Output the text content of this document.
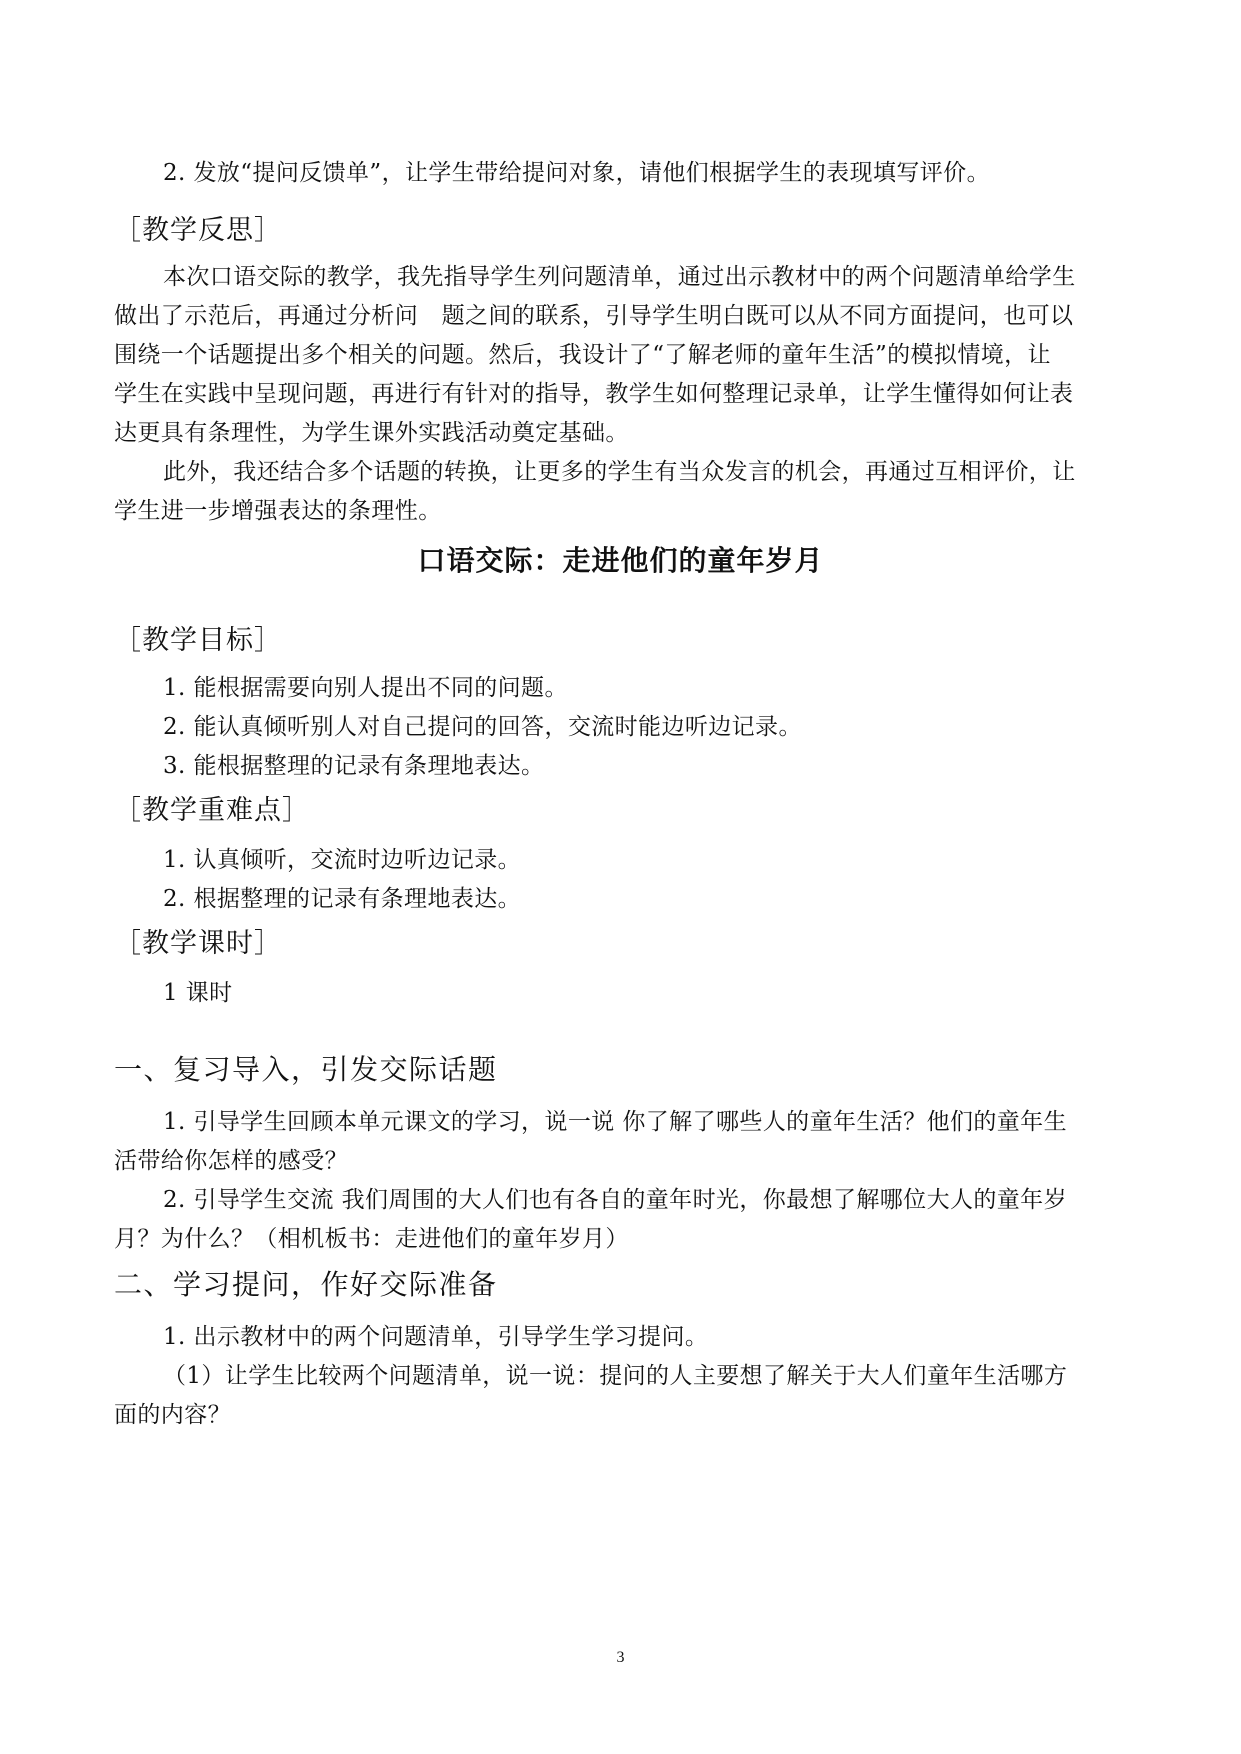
2. 发放“提问反馈单”，让学生带给提问对象，请他们根据学生的表现填写评价。
［教学反思］
本次口语交际的教学，我先指导学生列问题清单，通过出示教材中的两个问题清单给学生
做出了示范后，再通过分析问　题之间的联系，引导学生明白既可以从不同方面提问，也可以
围绕一个话题提出多个相关的问题。然后，我设计了“了解老师的童年生活”的模拟情境，让
学生在实践中呈现问题，再进行有针对的指导，教学生如何整理记录单，让学生懂得如何让表
达更具有条理性，为学生课外实践活动奠定基础。
此外，我还结合多个话题的转换，让更多的学生有当众发言的机会，再通过互相评价，让
学生进一步增强表达的条理性。
口语交际：走进他们的童年岁月
［教学目标］
1. 能根据需要向别人提出不同的问题。
2. 能认真倾听别人对自己提问的回答，交流时能边听边记录。
3. 能根据整理的记录有条理地表达。
［教学重难点］
1. 认真倾听，交流时边听边记录。
2. 根据整理的记录有条理地表达。
［教学课时］
1 课时
一、复习导入，引发交际话题
1. 引导学生回顾本单元课文的学习，说一说 你了解了哪些人的童年生活？他们的童年生
活带给你怎样的感受？
2. 引导学生交流 我们周围的大人们也有各自的童年时光，你最想了解哪位大人的童年岁
月？为什么？（相机板书：走进他们的童年岁月）
二、学习提问，作好交际准备
1. 出示教材中的两个问题清单，引导学生学习提问。
（1）让学生比较两个问题清单，说一说：提问的人主要想了解关于大人们童年生活哪方
面的内容？
3
